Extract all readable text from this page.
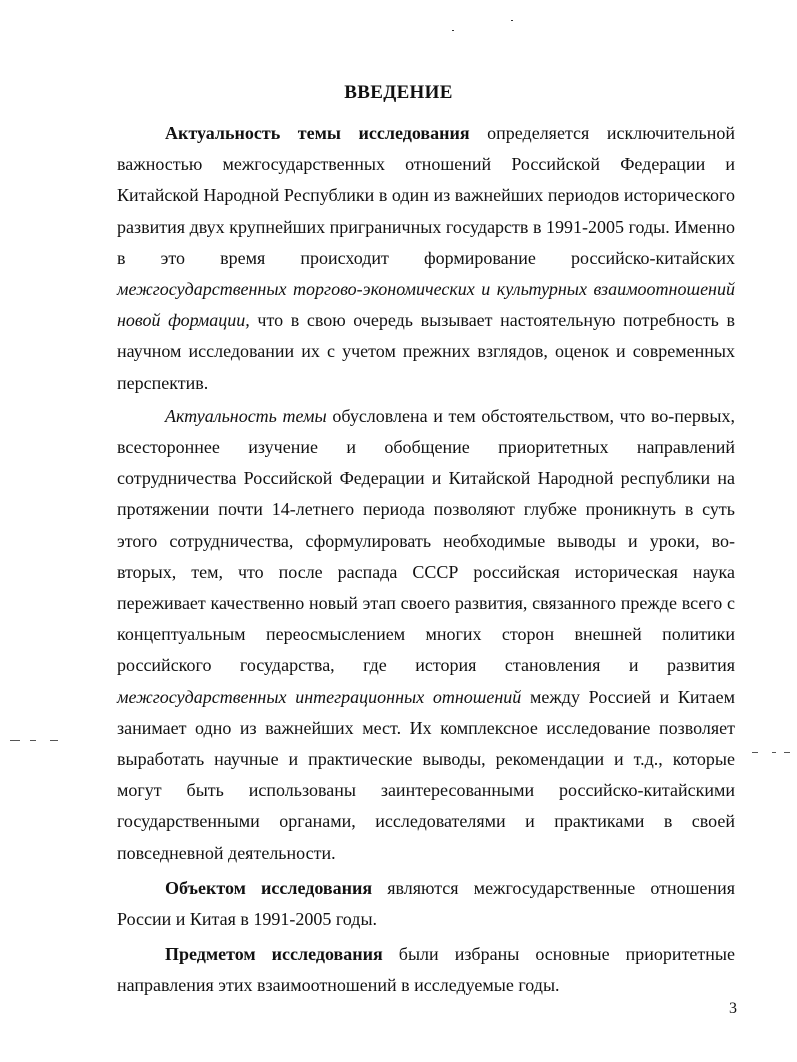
ВВЕДЕНИЕ

Актуальность темы исследования определяется исключительной важностью межгосударственных отношений Российской Федерации и Китайской Народной Республики в один из важнейших периодов исторического развития двух крупнейших приграничных государств в 1991-2005 годы. Именно в это время происходит формирование российско-китайских межгосударственных торгово-экономических и культурных взаимоотношений новой формации, что в свою очередь вызывает настоятельную потребность в научном исследовании их с учетом прежних взглядов, оценок и современных перспектив.

Актуальность темы обусловлена и тем обстоятельством, что во-первых, всестороннее изучение и обобщение приоритетных направлений сотрудничества Российской Федерации и Китайской Народной республики на протяжении почти 14-летнего периода позволяют глубже проникнуть в суть этого сотрудничества, сформулировать необходимые выводы и уроки, во-вторых, тем, что после распада СССР российская историческая наука переживает качественно новый этап своего развития, связанного прежде всего с концептуальным переосмыслением многих сторон внешней политики российского государства, где история становления и развития межгосударственных интеграционных отношений между Россией и Китаем занимает одно из важнейших мест. Их комплексное исследование позволяет выработать научные и практические выводы, рекомендации и т.д., которые могут быть использованы заинтересованными российско-китайскими государственными органами, исследователями и практиками в своей повседневной деятельности.

Объектом исследования являются межгосударственные отношения России и Китая в 1991-2005 годы.

Предметом исследования были избраны основные приоритетные направления этих взаимоотношений в исследуемые годы.

3
